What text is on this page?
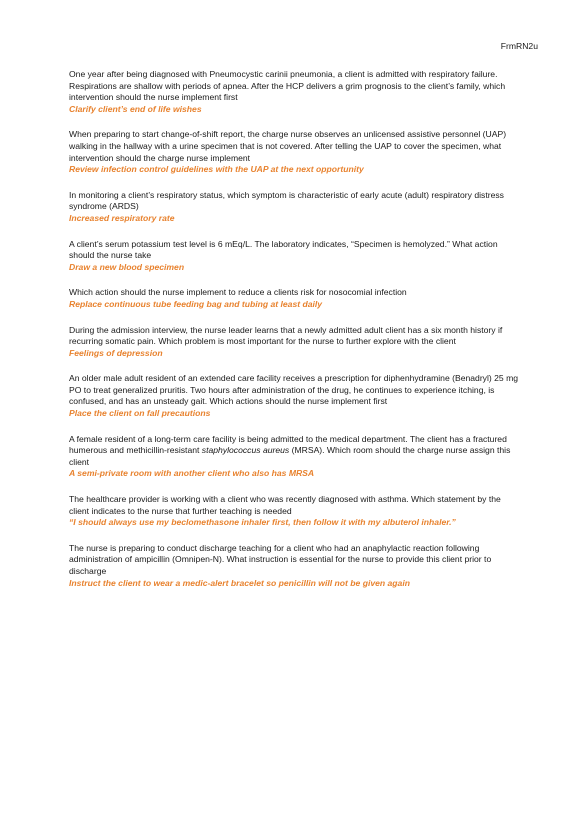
FrmRN2u

One year after being diagnosed with Pneumocystic carinii pneumonia, a client is admitted with respiratory failure. Respirations are shallow with periods of apnea. After the HCP delivers a grim prognosis to the client’s family, which intervention should the nurse implement first

Clarify client’s end of life wishes

When preparing to start change-of-shift report, the charge nurse observes an unlicensed assistive personnel (UAP) walking in the hallway with a urine specimen that is not covered. After telling the UAP to cover the specimen, what intervention should the charge nurse implement

Review infection control guidelines with the UAP at the next opportunity

In monitoring a client’s respiratory status, which symptom is characteristic of early acute (adult) respiratory distress syndrome (ARDS)

Increased respiratory rate

A client’s serum potassium test level is 6 mEq/L. The laboratory indicates, “Specimen is hemolyzed.” What action should the nurse take

Draw a new blood specimen

Which action should the nurse implement to reduce a clients risk for nosocomial infection

Replace continuous tube feeding bag and tubing at least daily

During the admission interview, the nurse leader learns that a newly admitted adult client has a six month history if recurring somatic pain. Which problem is most important for the nurse to further explore with the client

Feelings of depression

An older male adult resident of an extended care facility receives a prescription for diphenhydramine (Benadryl) 25 mg PO to treat generalized pruritis. Two hours after administration of the drug, he continues to experience itching, is confused, and has an unsteady gait. Which actions should the nurse implement first

Place the client on fall precautions

A female resident of a long-term care facility is being admitted to the medical department. The client has a fractured humerous and methicillin-resistant staphylococcus aureus (MRSA). Which room should the charge nurse assign this client

A semi-private room with another client who also has MRSA

The healthcare provider is working with a client who was recently diagnosed with asthma. Which statement by the client indicates to the nurse that further teaching is needed

“I should always use my beclomethasone inhaler first, then follow it with my albuterol inhaler.”

The nurse is preparing to conduct discharge teaching for a client who had an anaphylactic reaction following administration of ampicillin (Omnipen-N). What instruction is essential for the nurse to provide this client prior to discharge

Instruct the client to wear a medic-alert bracelet so penicillin will not be given again
